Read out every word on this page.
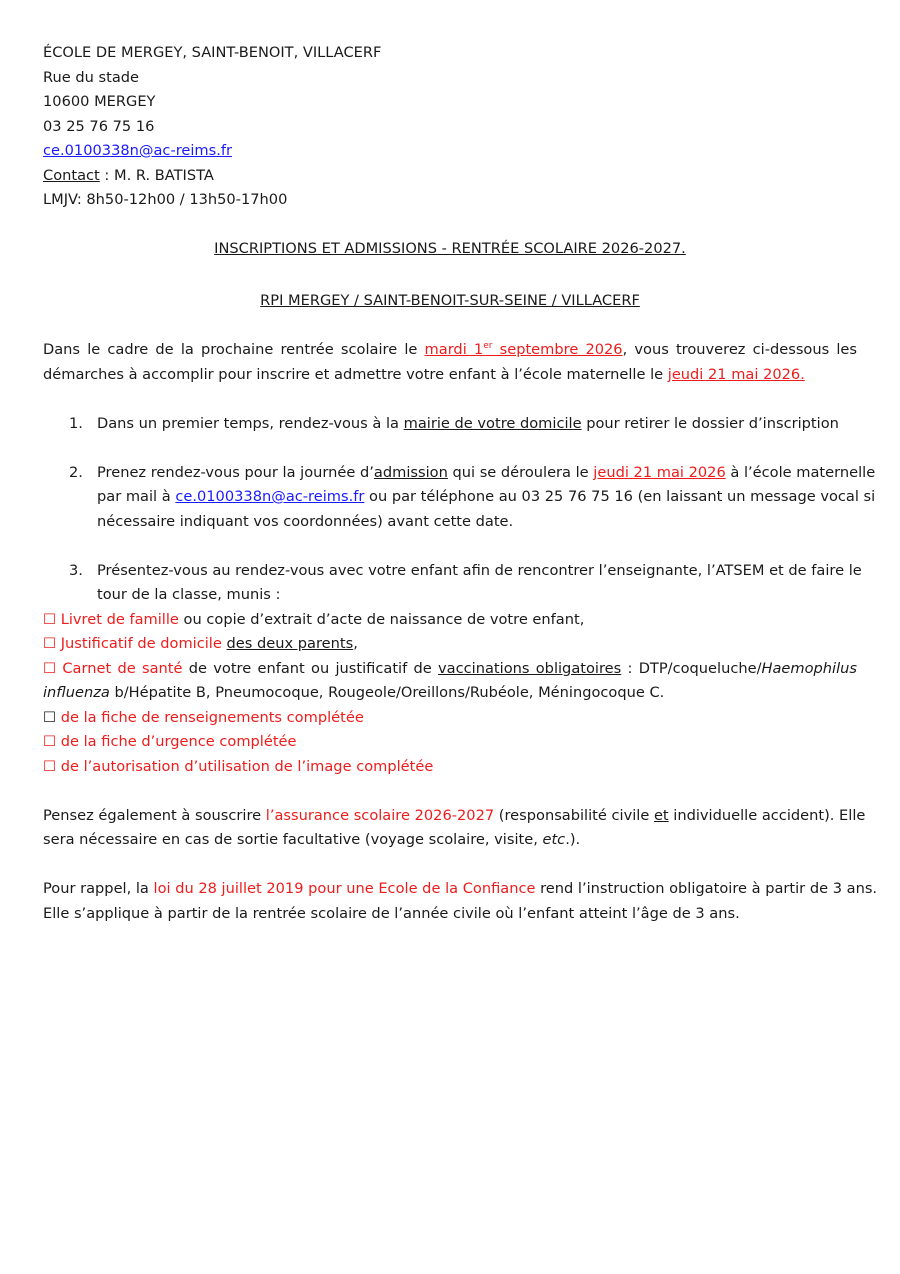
ÉCOLE DE MERGEY, SAINT-BENOIT, VILLACERF
Rue du stade
10600 MERGEY
03 25 76 75 16
ce.0100338n@ac-reims.fr
Contact : M. R. BATISTA
LMJV: 8h50-12h00 / 13h50-17h00
INSCRIPTIONS ET ADMISSIONS - RENTRÉE SCOLAIRE 2026-2027.
RPI MERGEY / SAINT-BENOIT-SUR-SEINE / VILLACERF
Dans le cadre de la prochaine rentrée scolaire le mardi 1er septembre 2026, vous trouverez ci-dessous les
démarches à accomplir pour inscrire et admettre votre enfant à l’école maternelle le jeudi 21 mai 2026.
1. Dans un premier temps, rendez-vous à la mairie de votre domicile pour retirer le dossier d’inscription
2. Prenez rendez-vous pour la journée d’admission qui se déroulera le jeudi 21 mai 2026 à l’école maternelle
par mail à ce.0100338n@ac-reims.fr ou par téléphone au 03 25 76 75 16 (en laissant un message vocal si
nécessaire indiquant vos coordonnées) avant cette date.
3. Présentez-vous au rendez-vous avec votre enfant afin de rencontrer l’enseignante, l’ATSEM et de faire le
tour de la classe, munis :
☐ Livret de famille ou copie d’extrait d’acte de naissance de votre enfant,
☐ Justificatif de domicile des deux parents,
☐ Carnet de santé de votre enfant ou justificatif de vaccinations obligatoires : DTP/coqueluche/Haemophilus
influenza b/Hépatite B, Pneumocoque, Rougeole/Oreillons/Rubéole, Méningocoque C.
☐ de la fiche de renseignements complétée
☐ de la fiche d’urgence complétée
☐ de l’autorisation d’utilisation de l’image complétée
Pensez également à souscrire l’assurance scolaire 2026-2027 (responsabilité civile et individuelle accident). Elle
sera nécessaire en cas de sortie facultative (voyage scolaire, visite, etc.).
Pour rappel, la loi du 28 juillet 2019 pour une Ecole de la Confiance rend l’instruction obligatoire à partir de 3 ans.
Elle s’applique à partir de la rentrée scolaire de l’année civile où l’enfant atteint l’âge de 3 ans.
